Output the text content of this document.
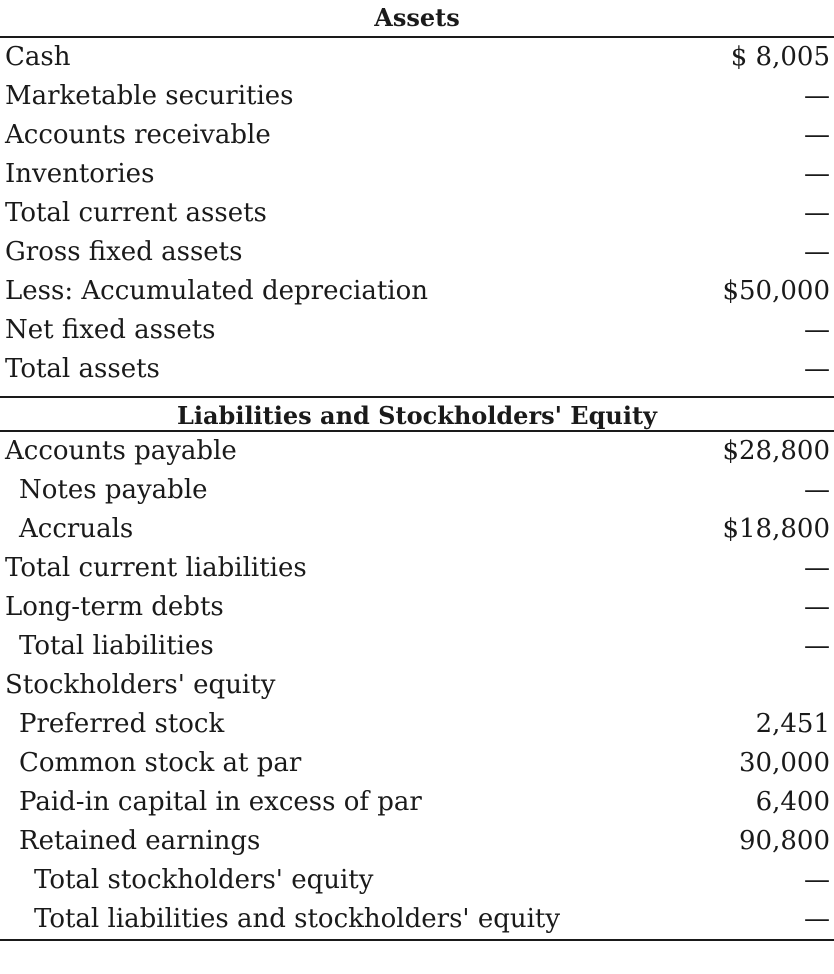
Assets
Cash	$ 8,005
Marketable securities	—
Accounts receivable	—
Inventories	—
Total current assets	—
Gross fixed assets	—
Less: Accumulated depreciation	$50,000
Net fixed assets	—
Total assets	—
Liabilities and Stockholders' Equity
Accounts payable	$28,800
Notes payable	—
Accruals	$18,800
Total current liabilities	—
Long-term debts	—
Total liabilities	—
Stockholders' equity
Preferred stock	2,451
Common stock at par	30,000
Paid-in capital in excess of par	6,400
Retained earnings	90,800
Total stockholders' equity	—
Total liabilities and stockholders' equity	—
